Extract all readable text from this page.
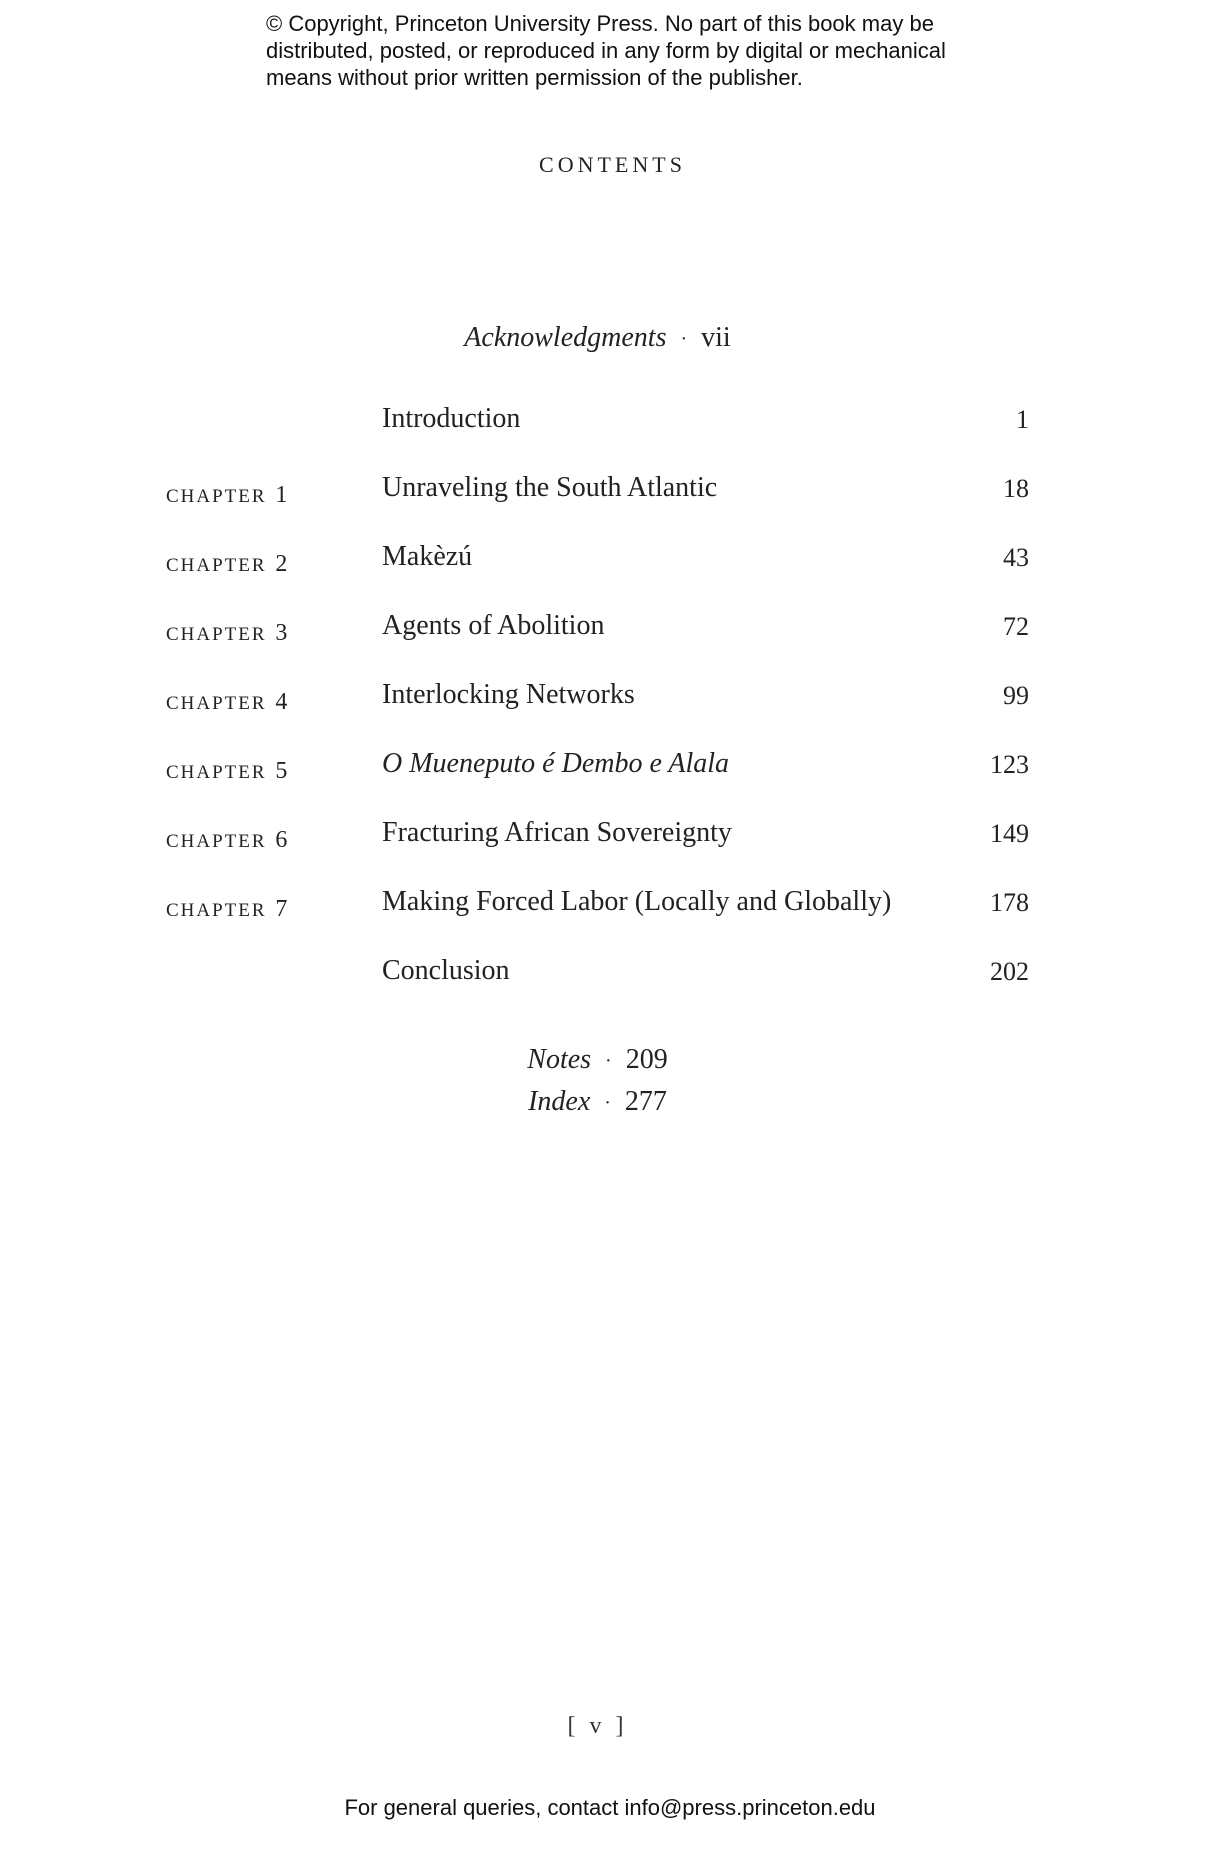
© Copyright, Princeton University Press. No part of this book may be
distributed, posted, or reproduced in any form by digital or mechanical
means without prior written permission of the publisher.
CONTENTS
Acknowledgments · vii
Introduction	1
CHAPTER 1	Unraveling the South Atlantic	18
CHAPTER 2	Makèzú	43
CHAPTER 3	Agents of Abolition	72
CHAPTER 4	Interlocking Networks	99
CHAPTER 5	O Mueneputo é Dembo e Alala	123
CHAPTER 6	Fracturing African Sovereignty	149
CHAPTER 7	Making Forced Labor (Locally and Globally)	178
Conclusion	202
Notes · 209
Index · 277
[ v ]
For general queries, contact info@press.princeton.edu
